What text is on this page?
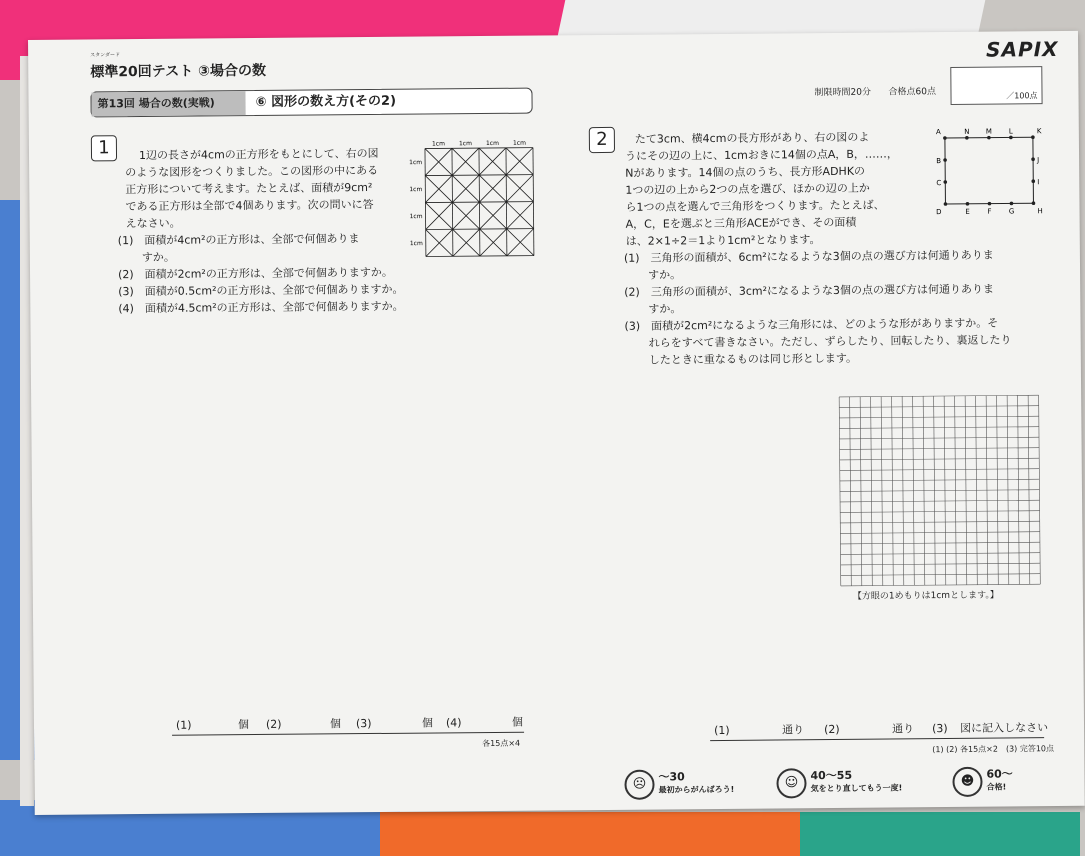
スタンダード
標準20回テスト ③場合の数
SAPIX
制限時間20分 合格点60点	／100点
第13回 場合の数(実戦)	⑥ 図形の数え方(その2)
1	1辺の長さが4cmの正方形をもとにして、右の図
のような図形をつくりました。この図形の中にある
正方形について考えます。たとえば、面積が9cm²
である正方形は全部で4個あります。次の問いに答
えなさい。
(1)　面積が4cm²の正方形は、全部で何個ありま
すか。
(2)　面積が2cm²の正方形は、全部で何個ありますか。
(3)　面積が0.5cm²の正方形は、全部で何個ありますか。
(4)　面積が4.5cm²の正方形は、全部で何個ありますか。
1cm 1cm 1cm 1cm
1cm
1cm
1cm
1cm
(1)	個 (2)	個 (3)	個 (4)	個
各15点×4
2	たて3cm、横4cmの長方形があり、右の図のよ
うにその辺の上に、1cmおきに14個の点A，B，……，
Nがあります。14個の点のうち、長方形ADHKの
1つの辺の上から2つの点を選び、ほかの辺の上か
ら1つの点を選んで三角形をつくります。たとえば、
A，C，Eを選ぶと三角形ACEができ、その面積
は、2×1÷2＝1より1cm²となります。
(1)　三角形の面積が、6cm²になるような3個の点の選び方は何通りありま
すか。
(2)　三角形の面積が、3cm²になるような3個の点の選び方は何通りありま
すか。
(3)　面積が2cm²になるような三角形には、どのような形がありますか。そ
れらをすべて書きなさい。ただし、ずらしたり、回転したり、裏返したり
したときに重なるものは同じ形とします。
A	N M L	K
B	J
C	I
D	E	F G	H
【方眼の1めもりは1cmとします。】
(1)	通り (2)	通り (3) 図に記入しなさい
(1) (2) 各15点×2　(3) 完答10点
☹	～30
最初からがんばろう!	☺	40～55
気をとり直してもう一度!	☻	60～
合格!
